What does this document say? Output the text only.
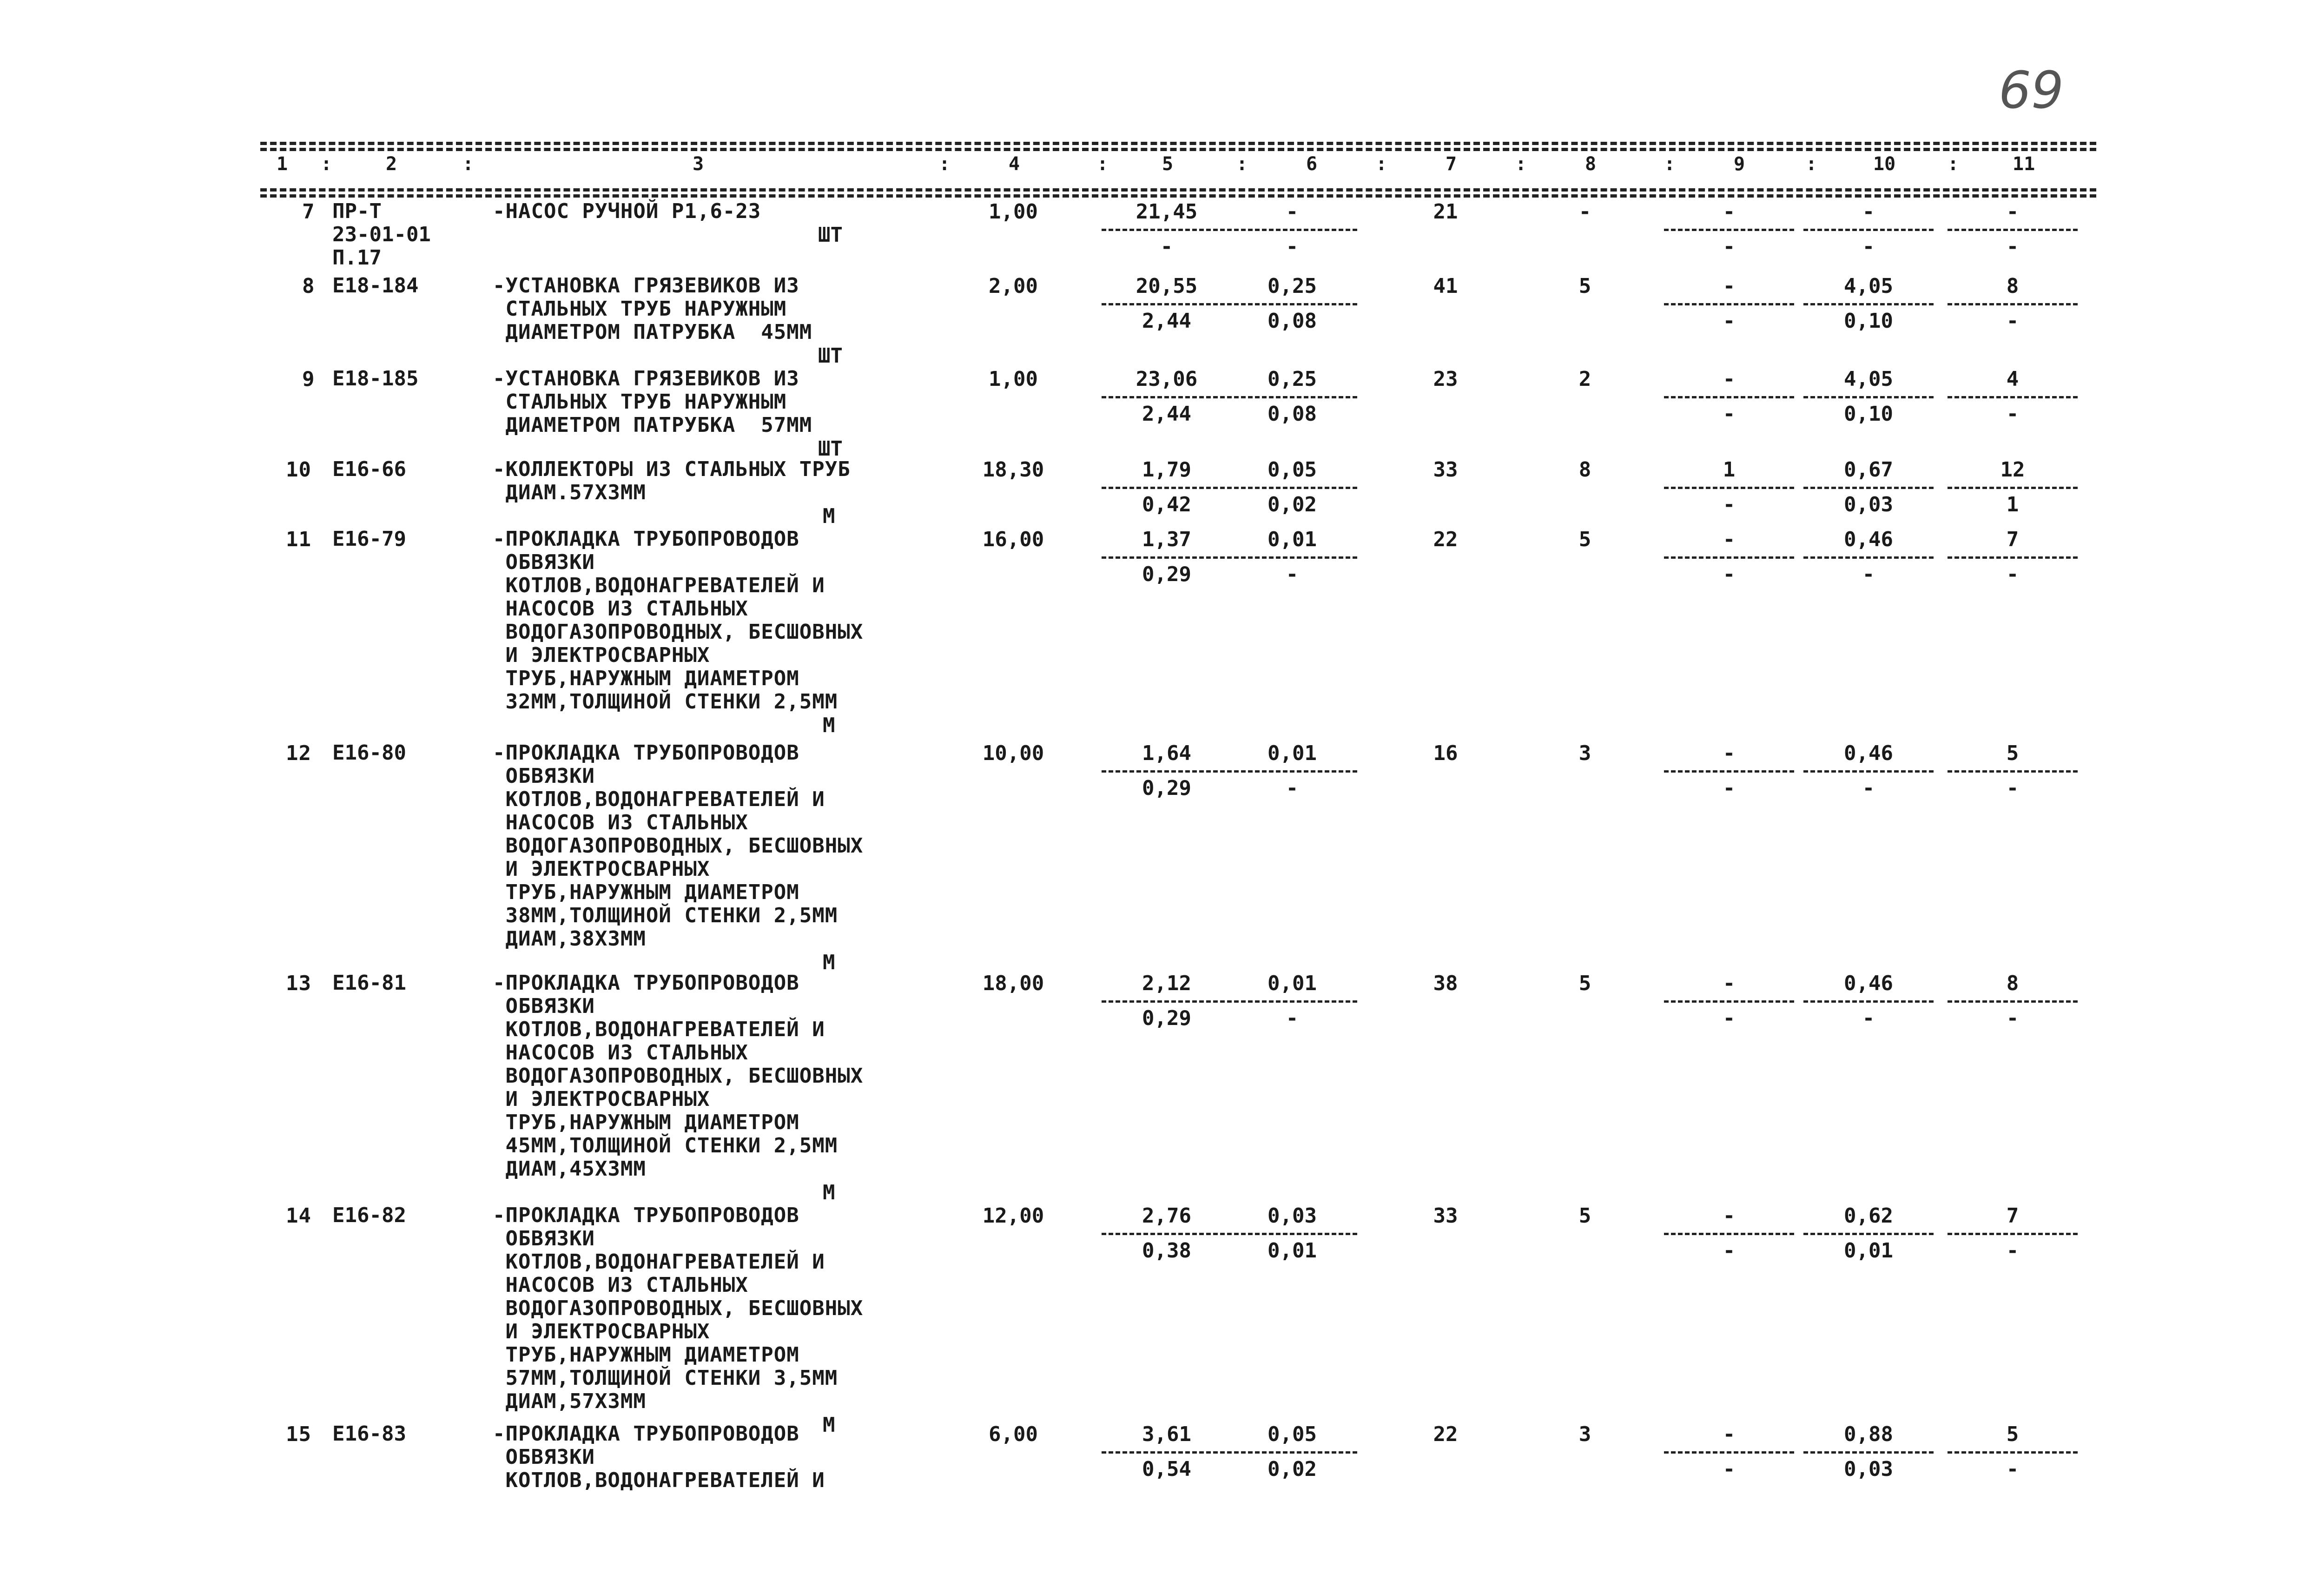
69
1 :	2	:	3	:	4	:	5	:	6	:	7	:	8	:	9	:	10	:	11
7 ПР-Т
23-01-01
П.17
-НАСОС РУЧНОЙ Р1,6-23
ШТ
1,00	21,45	-	21	-	-	-	-
-	-	-	-	-
8 Е18-184	-УСТАНОВКА ГРЯЗЕВИКОВ ИЗ
СТАЛЬНЫХ ТРУБ НАРУЖНЫМ
ДИАМЕТРОМ ПАТРУБКА  45ММ
ШТ
2,00	20,55	0,25	41	5	-	4,05	8
2,44	0,08	-	0,10	-
9 Е18-185	-УСТАНОВКА ГРЯЗЕВИКОВ ИЗ
СТАЛЬНЫХ ТРУБ НАРУЖНЫМ
ДИАМЕТРОМ ПАТРУБКА  57ММ
ШТ
1,00	23,06	0,25	23	2	-	4,05	4
2,44	0,08	-	0,10	-
10 Е16-66	-КОЛЛЕКТОРЫ ИЗ СТАЛЬНЫХ ТРУБ
ДИАМ.57Х3ММ
М
18,30	1,79	0,05	33	8	1	0,67	12
0,42	0,02	-	0,03	1
11 Е16-79	-ПРОКЛАДКА ТРУБОПРОВОДОВ
ОБВЯЗКИ
КОТЛОВ,ВОДОНАГРЕВАТЕЛЕЙ И
НАСОСОВ ИЗ СТАЛЬНЫХ
ВОДОГАЗОПРОВОДНЫХ, БЕСШОВНЫХ
И ЭЛЕКТРОСВАРНЫХ
ТРУБ,НАРУЖНЫМ ДИАМЕТРОМ
32ММ,ТОЛЩИНОЙ СТЕНКИ 2,5ММ
М
16,00	1,37	0,01	22	5	-	0,46	7
0,29	-	-	-	-
12 Е16-80	-ПРОКЛАДКА ТРУБОПРОВОДОВ
ОБВЯЗКИ
КОТЛОВ,ВОДОНАГРЕВАТЕЛЕЙ И
НАСОСОВ ИЗ СТАЛЬНЫХ
ВОДОГАЗОПРОВОДНЫХ, БЕСШОВНЫХ
И ЭЛЕКТРОСВАРНЫХ
ТРУБ,НАРУЖНЫМ ДИАМЕТРОМ
38ММ,ТОЛЩИНОЙ СТЕНКИ 2,5ММ
ДИАМ,38Х3ММ
М
10,00	1,64	0,01	16	3	-	0,46	5
0,29	-	-	-	-
13 Е16-81	-ПРОКЛАДКА ТРУБОПРОВОДОВ
ОБВЯЗКИ
КОТЛОВ,ВОДОНАГРЕВАТЕЛЕЙ И
НАСОСОВ ИЗ СТАЛЬНЫХ
ВОДОГАЗОПРОВОДНЫХ, БЕСШОВНЫХ
И ЭЛЕКТРОСВАРНЫХ
ТРУБ,НАРУЖНЫМ ДИАМЕТРОМ
45ММ,ТОЛЩИНОЙ СТЕНКИ 2,5ММ
ДИАМ,45Х3ММ
М
18,00	2,12	0,01	38	5	-	0,46	8
0,29	-	-	-	-
14 Е16-82	-ПРОКЛАДКА ТРУБОПРОВОДОВ
ОБВЯЗКИ
КОТЛОВ,ВОДОНАГРЕВАТЕЛЕЙ И
НАСОСОВ ИЗ СТАЛЬНЫХ
ВОДОГАЗОПРОВОДНЫХ, БЕСШОВНЫХ
И ЭЛЕКТРОСВАРНЫХ
ТРУБ,НАРУЖНЫМ ДИАМЕТРОМ
57ММ,ТОЛЩИНОЙ СТЕНКИ 3,5ММ
ДИАМ,57Х3ММ
М
12,00	2,76	0,03	33	5	-	0,62	7
0,38	0,01	-	0,01	-
15 Е16-83	-ПРОКЛАДКА ТРУБОПРОВОДОВ
ОБВЯЗКИ
КОТЛОВ,ВОДОНАГРЕВАТЕЛЕЙ И
6,00	3,61	0,05	22	3	-	0,88	5
0,54	0,02	-	0,03	-
